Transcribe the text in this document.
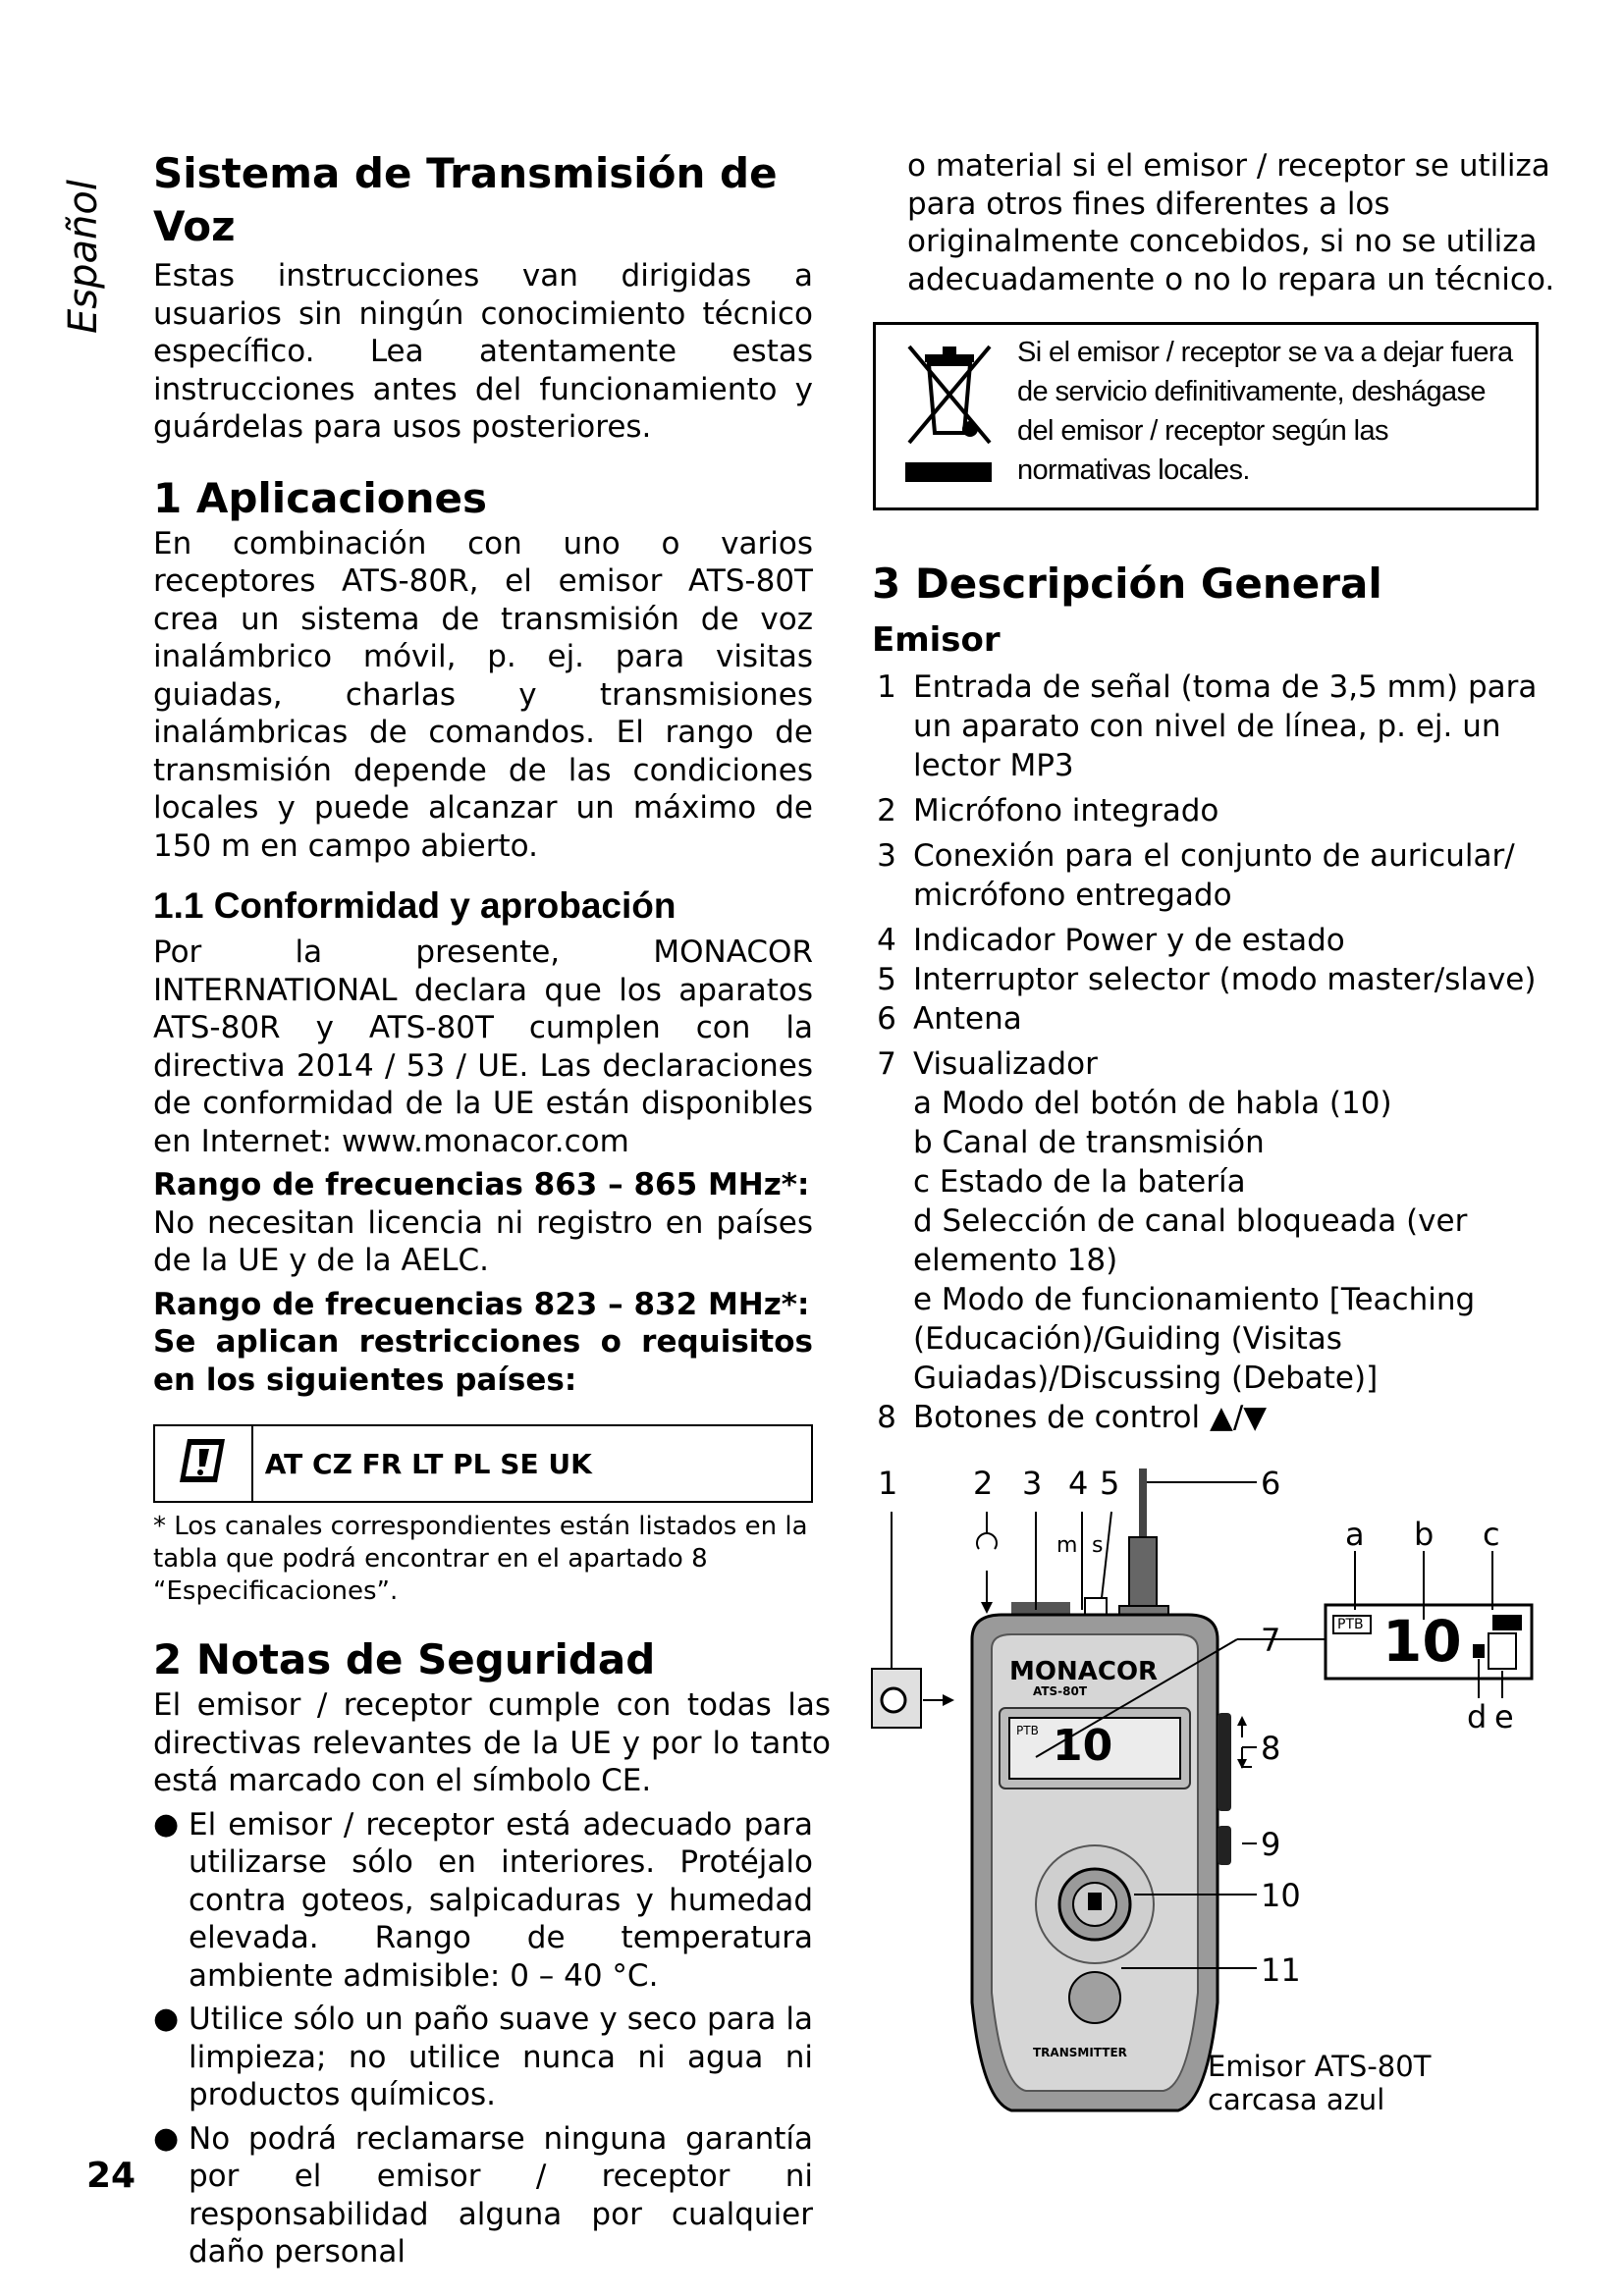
Español
Sistema de Transmisión de Voz
Estas instrucciones van dirigidas a usuarios sin ningún conocimiento técnico específico. Lea atentamente estas instrucciones antes del funcionamiento y guárdelas para usos posteriores.
1 Aplicaciones
En combinación con uno o varios receptores ATS-80R, el emisor ATS-80T crea un sistema de transmisión de voz inalámbrico móvil, p. ej. para visitas guiadas, charlas y transmisiones inalámbricas de comandos. El rango de transmisión depende de las condiciones locales y puede alcanzar un máximo de 150 m en campo abierto.
1.1 Conformidad y aprobación
Por la presente, MONACOR INTERNATIONAL declara que los aparatos ATS-80R y ATS-80T cumplen con la directiva 2014 / 53 / UE. Las declaraciones de conformidad de la UE están disponibles en Internet: www.monacor.com
Rango de frecuencias 863 – 865 MHz*:
No necesitan licencia ni registro en países de la UE y de la AELC.
Rango de frecuencias 823 – 832 MHz*:
Se aplican restricciones o requisitos en los siguientes países:
	AT CZ FR LT PL SE UK
* Los canales correspondientes están listados en la tabla que podrá encontrar en el apartado 8 “Especificaciones”.
2 Notas de Seguridad
El emisor / receptor cumple con todas las directivas relevantes de la UE y por lo tanto está marcado con el símbolo CE.
● El emisor / receptor está adecuado para utilizarse sólo en interiores. Protéjalo contra goteos, salpicaduras y humedad elevada. Rango de temperatura ambiente admisible: 0 – 40 °C.
● Utilice sólo un paño suave y seco para la limpieza; no utilice nunca ni agua ni productos químicos.
● No podrá reclamarse ninguna garantía por el emisor / receptor ni responsabilidad alguna por cualquier daño personal
o material si el emisor / receptor se utiliza para otros fines diferentes a los originalmente concebidos, si no se utiliza adecuadamente o no lo repara un técnico.
Si el emisor / receptor se va a dejar fuera de servicio definitivamente, deshágase del emisor / receptor según las normativas locales.
3 Descripción General
Emisor
1 Entrada de señal (toma de 3,5 mm) para un aparato con nivel de línea, p. ej. un lector MP3
2 Micrófono integrado
3 Conexión para el conjunto de auricular/ micrófono entregado
4 Indicador Power y de estado
5 Interruptor selector (modo master/slave)
6 Antena
7 Visualizador
a Modo del botón de habla (10)
b Canal de transmisión
c Estado de la batería
d Selección de canal bloqueada (ver elemento 18)
e Modo de funcionamiento [Teaching (Educación)/Guiding (Visitas Guiadas)/Discussing (Debate)]
8 Botones de control ▲/▼
1 2 3 4 5	6
7
8
9
10
11
a b c
d e
m s
MONACOR
ATS-80T
PTB 10
PTB 10
TRANSMITTER	Emisor ATS-80T
carcasa azul
24
